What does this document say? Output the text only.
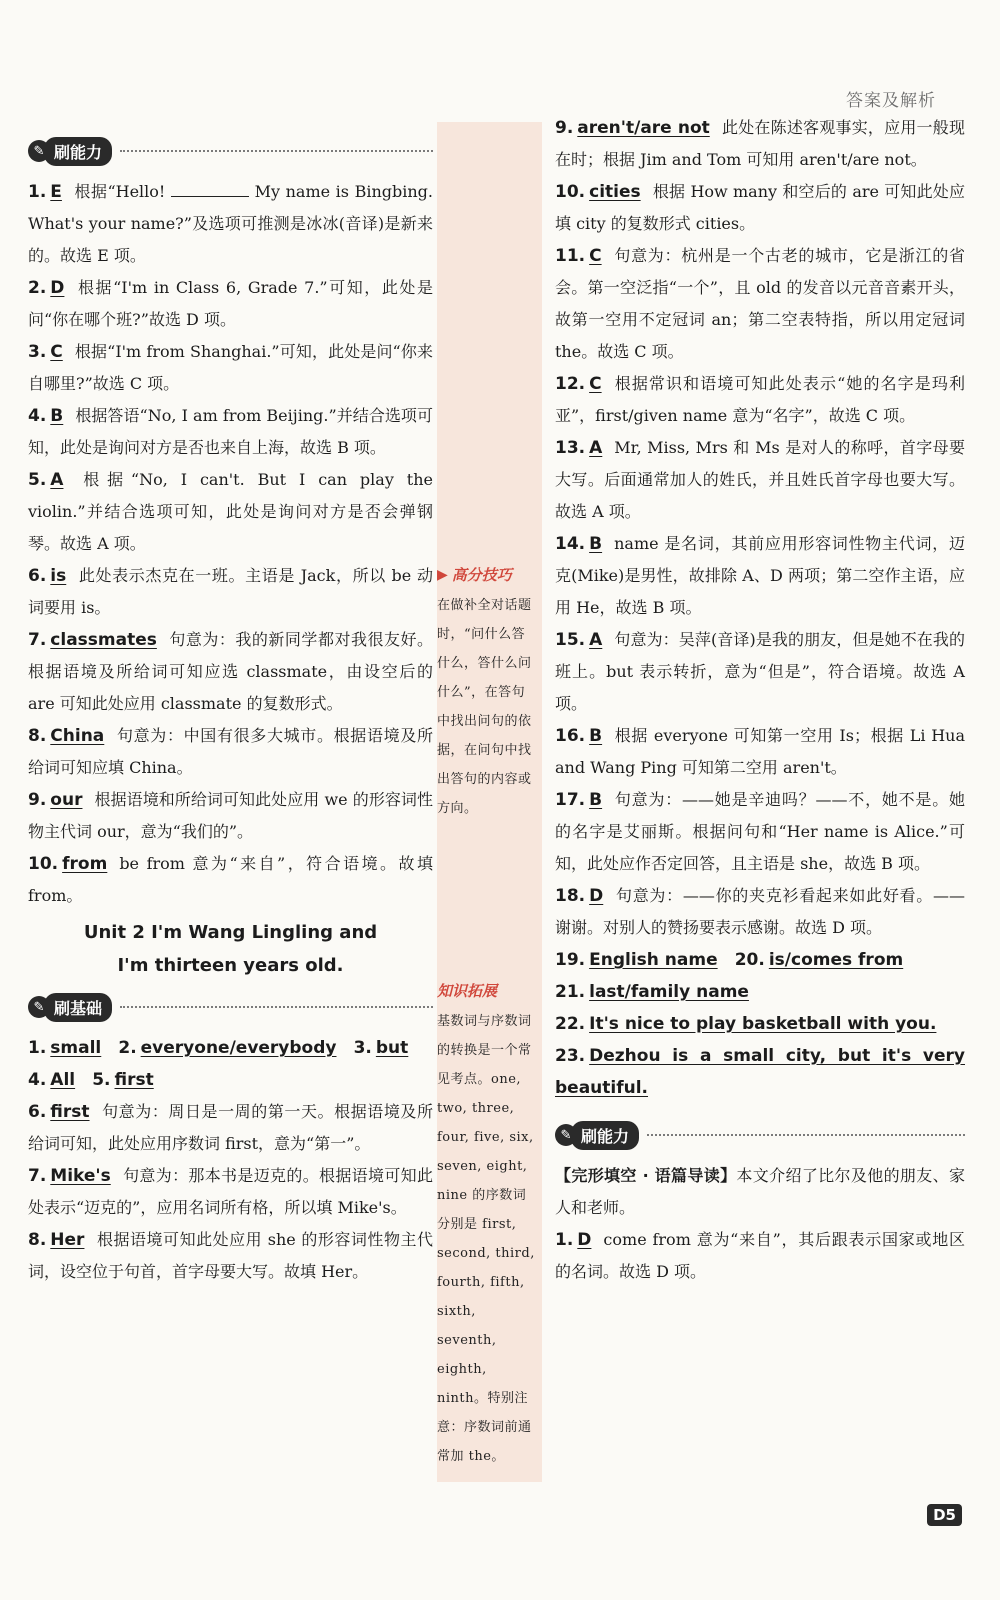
答案及解析
✎ 刷能力

1. E 根据“Hello!	My name is Bingbing. What's your name?”及选项可推测是冰冰(音译)是新来的。故选 E 项。

2. D 根据“I'm in Class 6, Grade 7.”可知，此处是问“你在哪个班?”故选 D 项。

3. C 根据“I'm from Shanghai.”可知，此处是问“你来自哪里?”故选 C 项。

4. B 根据答语“No, I am from Beijing.”并结合选项可知，此处是询问对方是否也来自上海，故选 B 项。

5. A 根据“No, I can't. But I can play the violin.”并结合选项可知，此处是询问对方是否会弹钢琴。故选 A 项。

6. is 此处表示杰克在一班。主语是 Jack，所以 be 动词要用 is。

7. classmates 句意为：我的新同学都对我很友好。根据语境及所给词可知应选 classmate，由设空后的 are 可知此处应用 classmate 的复数形式。

8. China 句意为：中国有很多大城市。根据语境及所给词可知应填 China。

9. our 根据语境和所给词可知此处应用 we 的形容词性物主代词 our，意为“我们的”。

10. from be from 意为“来自”，符合语境。故填 from。

Unit 2 I'm Wang Lingling and
I'm thirteen years old.
✎ 刷基础

1. small 2. everyone/everybody 3. but

4. All 5. first

6. first 句意为：周日是一周的第一天。根据语境及所给词可知，此处应用序数词 first，意为“第一”。

7. Mike's 句意为：那本书是迈克的。根据语境可知此处表示“迈克的”，应用名词所有格，所以填 Mike's。

8. Her 根据语境可知此处应用 she 的形容词性物主代词，设空位于句首，首字母要大写。故填 Her。

▶ 高分技巧

在做补全对话题时，“问什么答什么，答什么问什么”，在答句中找出问句的依据，在问句中找出答句的内容或方向。

知识拓展

基数词与序数词的转换是一个常见考点。one, two, three, four, five, six, seven, eight, nine 的序数词分别是 first, second, third, fourth, fifth, sixth, seventh, eighth, ninth。特别注意：序数词前通常加 the。

9. aren't/are not 此处在陈述客观事实，应用一般现在时；根据 Jim and Tom 可知用 aren't/are not。

10. cities 根据 How many 和空后的 are 可知此处应填 city 的复数形式 cities。

11. C 句意为：杭州是一个古老的城市，它是浙江的省会。第一空泛指“一个”，且 old 的发音以元音音素开头，故第一空用不定冠词 an；第二空表特指，所以用定冠词 the。故选 C 项。

12. C 根据常识和语境可知此处表示“她的名字是玛利亚”，first/given name 意为“名字”，故选 C 项。

13. A Mr, Miss, Mrs 和 Ms 是对人的称呼，首字母要大写。后面通常加人的姓氏，并且姓氏首字母也要大写。故选 A 项。

14. B name 是名词，其前应用形容词性物主代词，迈克(Mike)是男性，故排除 A、D 两项；第二空作主语，应用 He，故选 B 项。

15. A 句意为：吴萍(音译)是我的朋友，但是她不在我的班上。but 表示转折，意为“但是”，符合语境。故选 A 项。

16. B 根据 everyone 可知第一空用 Is；根据 Li Hua and Wang Ping 可知第二空用 aren't。

17. B 句意为：——她是辛迪吗？——不，她不是。她的名字是艾丽斯。根据问句和“Her name is Alice.”可知，此处应作否定回答，且主语是 she，故选 B 项。

18. D 句意为：——你的夹克衫看起来如此好看。——谢谢。对别人的赞扬要表示感谢。故选 D 项。

19. English name 20. is/comes from

21. last/family name

22. It's nice to play basketball with you.

23. Dezhou is a small city, but it's very beautiful.

✎ 刷能力

【完形填空 · 语篇导读】本文介绍了比尔及他的朋友、家人和老师。

1. D come from 意为“来自”，其后跟表示国家或地区的名词。故选 D 项。

D5
